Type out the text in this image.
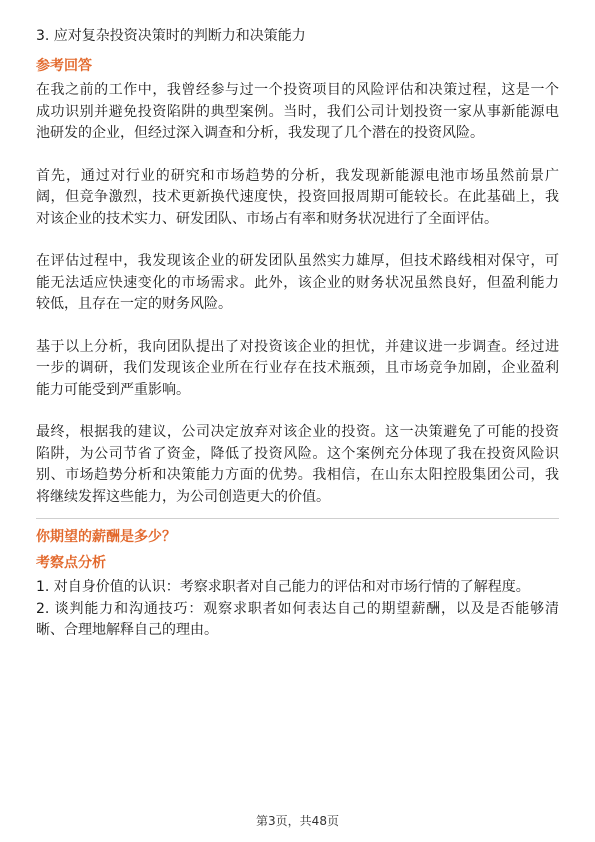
3. 应对复杂投资决策时的判断力和决策能力
参考回答
在我之前的工作中，我曾经参与过一个投资项目的风险评估和决策过程，这是一个
成功识别并避免投资陷阱的典型案例。当时，我们公司计划投资一家从事新能源电
池研发的企业，但经过深入调查和分析，我发现了几个潜在的投资风险。
首先，通过对行业的研究和市场趋势的分析，我发现新能源电池市场虽然前景广
阔，但竞争激烈，技术更新换代速度快，投资回报周期可能较长。在此基础上，我
对该企业的技术实力、研发团队、市场占有率和财务状况进行了全面评估。
在评估过程中，我发现该企业的研发团队虽然实力雄厚，但技术路线相对保守，可
能无法适应快速变化的市场需求。此外，该企业的财务状况虽然良好，但盈利能力
较低，且存在一定的财务风险。
基于以上分析，我向团队提出了对投资该企业的担忧，并建议进一步调查。经过进
一步的调研，我们发现该企业所在行业存在技术瓶颈，且市场竞争加剧，企业盈利
能力可能受到严重影响。
最终，根据我的建议，公司决定放弃对该企业的投资。这一决策避免了可能的投资
陷阱，为公司节省了资金，降低了投资风险。这个案例充分体现了我在投资风险识
别、市场趋势分析和决策能力方面的优势。我相信，在山东太阳控股集团公司，我
将继续发挥这些能力，为公司创造更大的价值。
你期望的薪酬是多少？
考察点分析
1. 对自身价值的认识：考察求职者对自己能力的评估和对市场行情的了解程度。
2. 谈判能力和沟通技巧：观察求职者如何表达自己的期望薪酬，以及是否能够清
晰、合理地解释自己的理由。
第3页，共48页
